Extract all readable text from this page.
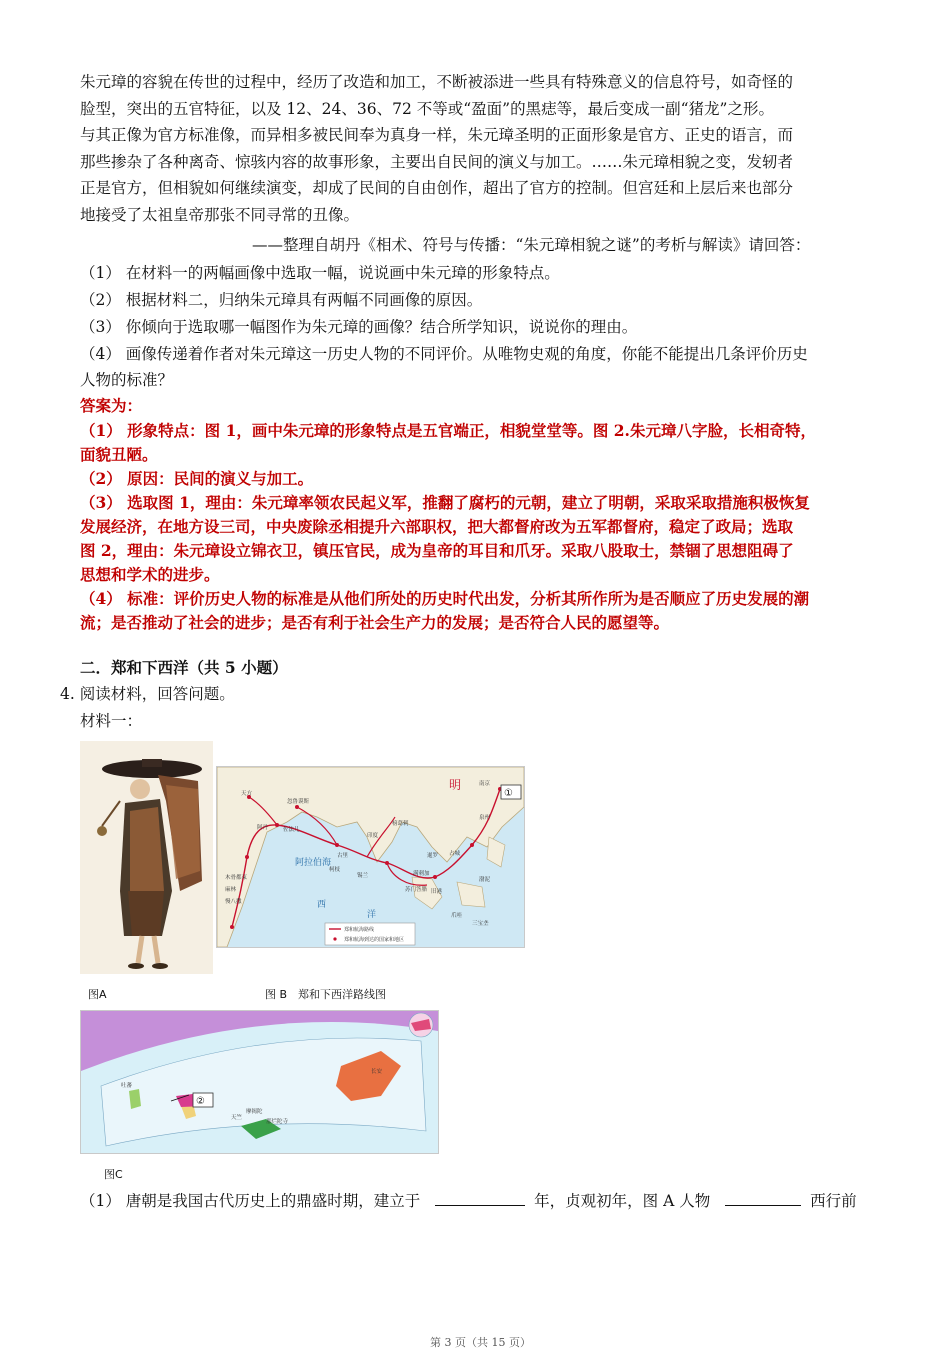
朱元璋的容貌在传世的过程中，经历了改造和加工，不断被添进一些具有特殊意义的信息符号，如奇怪的
脸型，突出的五官特征，以及 12、24、36、72 不等或“盈面”的黑痣等，最后变成一副“猪龙”之形。
与其正像为官方标准像，而异相多被民间奉为真身一样，朱元璋圣明的正面形象是官方、正史的语言，而
那些掺杂了各种离奇、惊骇内容的故事形象，主要出自民间的演义与加工。……朱元璋相貌之变，发轫者
正是官方，但相貌如何继续演变，却成了民间的自由创作，超出了官方的控制。但宫廷和上层后来也部分
地接受了太祖皇帝那张不同寻常的丑像。
——整理自胡丹《相术、符号与传播：“朱元璋相貌之谜”的考析与解读》请回答：
（1） 在材料一的两幅画像中选取一幅，说说画中朱元璋的形象特点。
（2） 根据材料二，归纳朱元璋具有两幅不同画像的原因。
（3） 你倾向于选取哪一幅图作为朱元璋的画像？结合所学知识，说说你的理由。
（4） 画像传递着作者对朱元璋这一历史人物的不同评价。从唯物史观的角度，你能不能提出几条评价历史
人物的标准？
答案为：
（1） 形象特点：图 1，画中朱元璋的形象特点是五官端正，相貌堂堂等。图 2.朱元璋八字脸，长相奇特，
面貌丑陋。
（2） 原因：民间的演义与加工。
（3） 选取图 1，理由：朱元璋率领农民起义军，推翻了腐朽的元朝，建立了明朝，采取采取措施积极恢复
发展经济，在地方设三司，中央废除丞相提升六部职权，把大都督府改为五军都督府，稳定了政局；选取
图 2，理由：朱元璋设立锦衣卫，镇压官民，成为皇帝的耳目和爪牙。采取八股取士，禁锢了思想阻碍了
思想和学术的进步。
（4） 标准：评价历史人物的标准是从他们所处的历史时代出发，分析其所作所为是否顺应了历史发展的潮
流；是否推动了社会的进步；是否有利于社会生产力的发展；是否符合人民的愿望等。
二．郑和下西洋（共 5 小题）
4. 阅读材料，回答问题。
材料一：
明
①
忽鲁谟斯
天方
阿丹	佐法儿
古里
柯枝
锡兰
印度
榜葛剌
暹罗 占城
满剌加
旧港
爪哇
苏门答腊
木骨都束
麻林
慢八撒
南京
泉州
渤泥
三宝垄
阿拉伯海
西
洋
郑和航海路线
郑和航海到达的国家和地区
图A	图 B　郑和下西洋路线图
②
吐蕃
长安
天竺
摩揭陀
那烂陀寺
图C
（1） 唐朝是我国古代历史上的鼎盛时期，建立于	年，贞观初年，图 A 人物	西行前
第 3 页（共 15 页）
